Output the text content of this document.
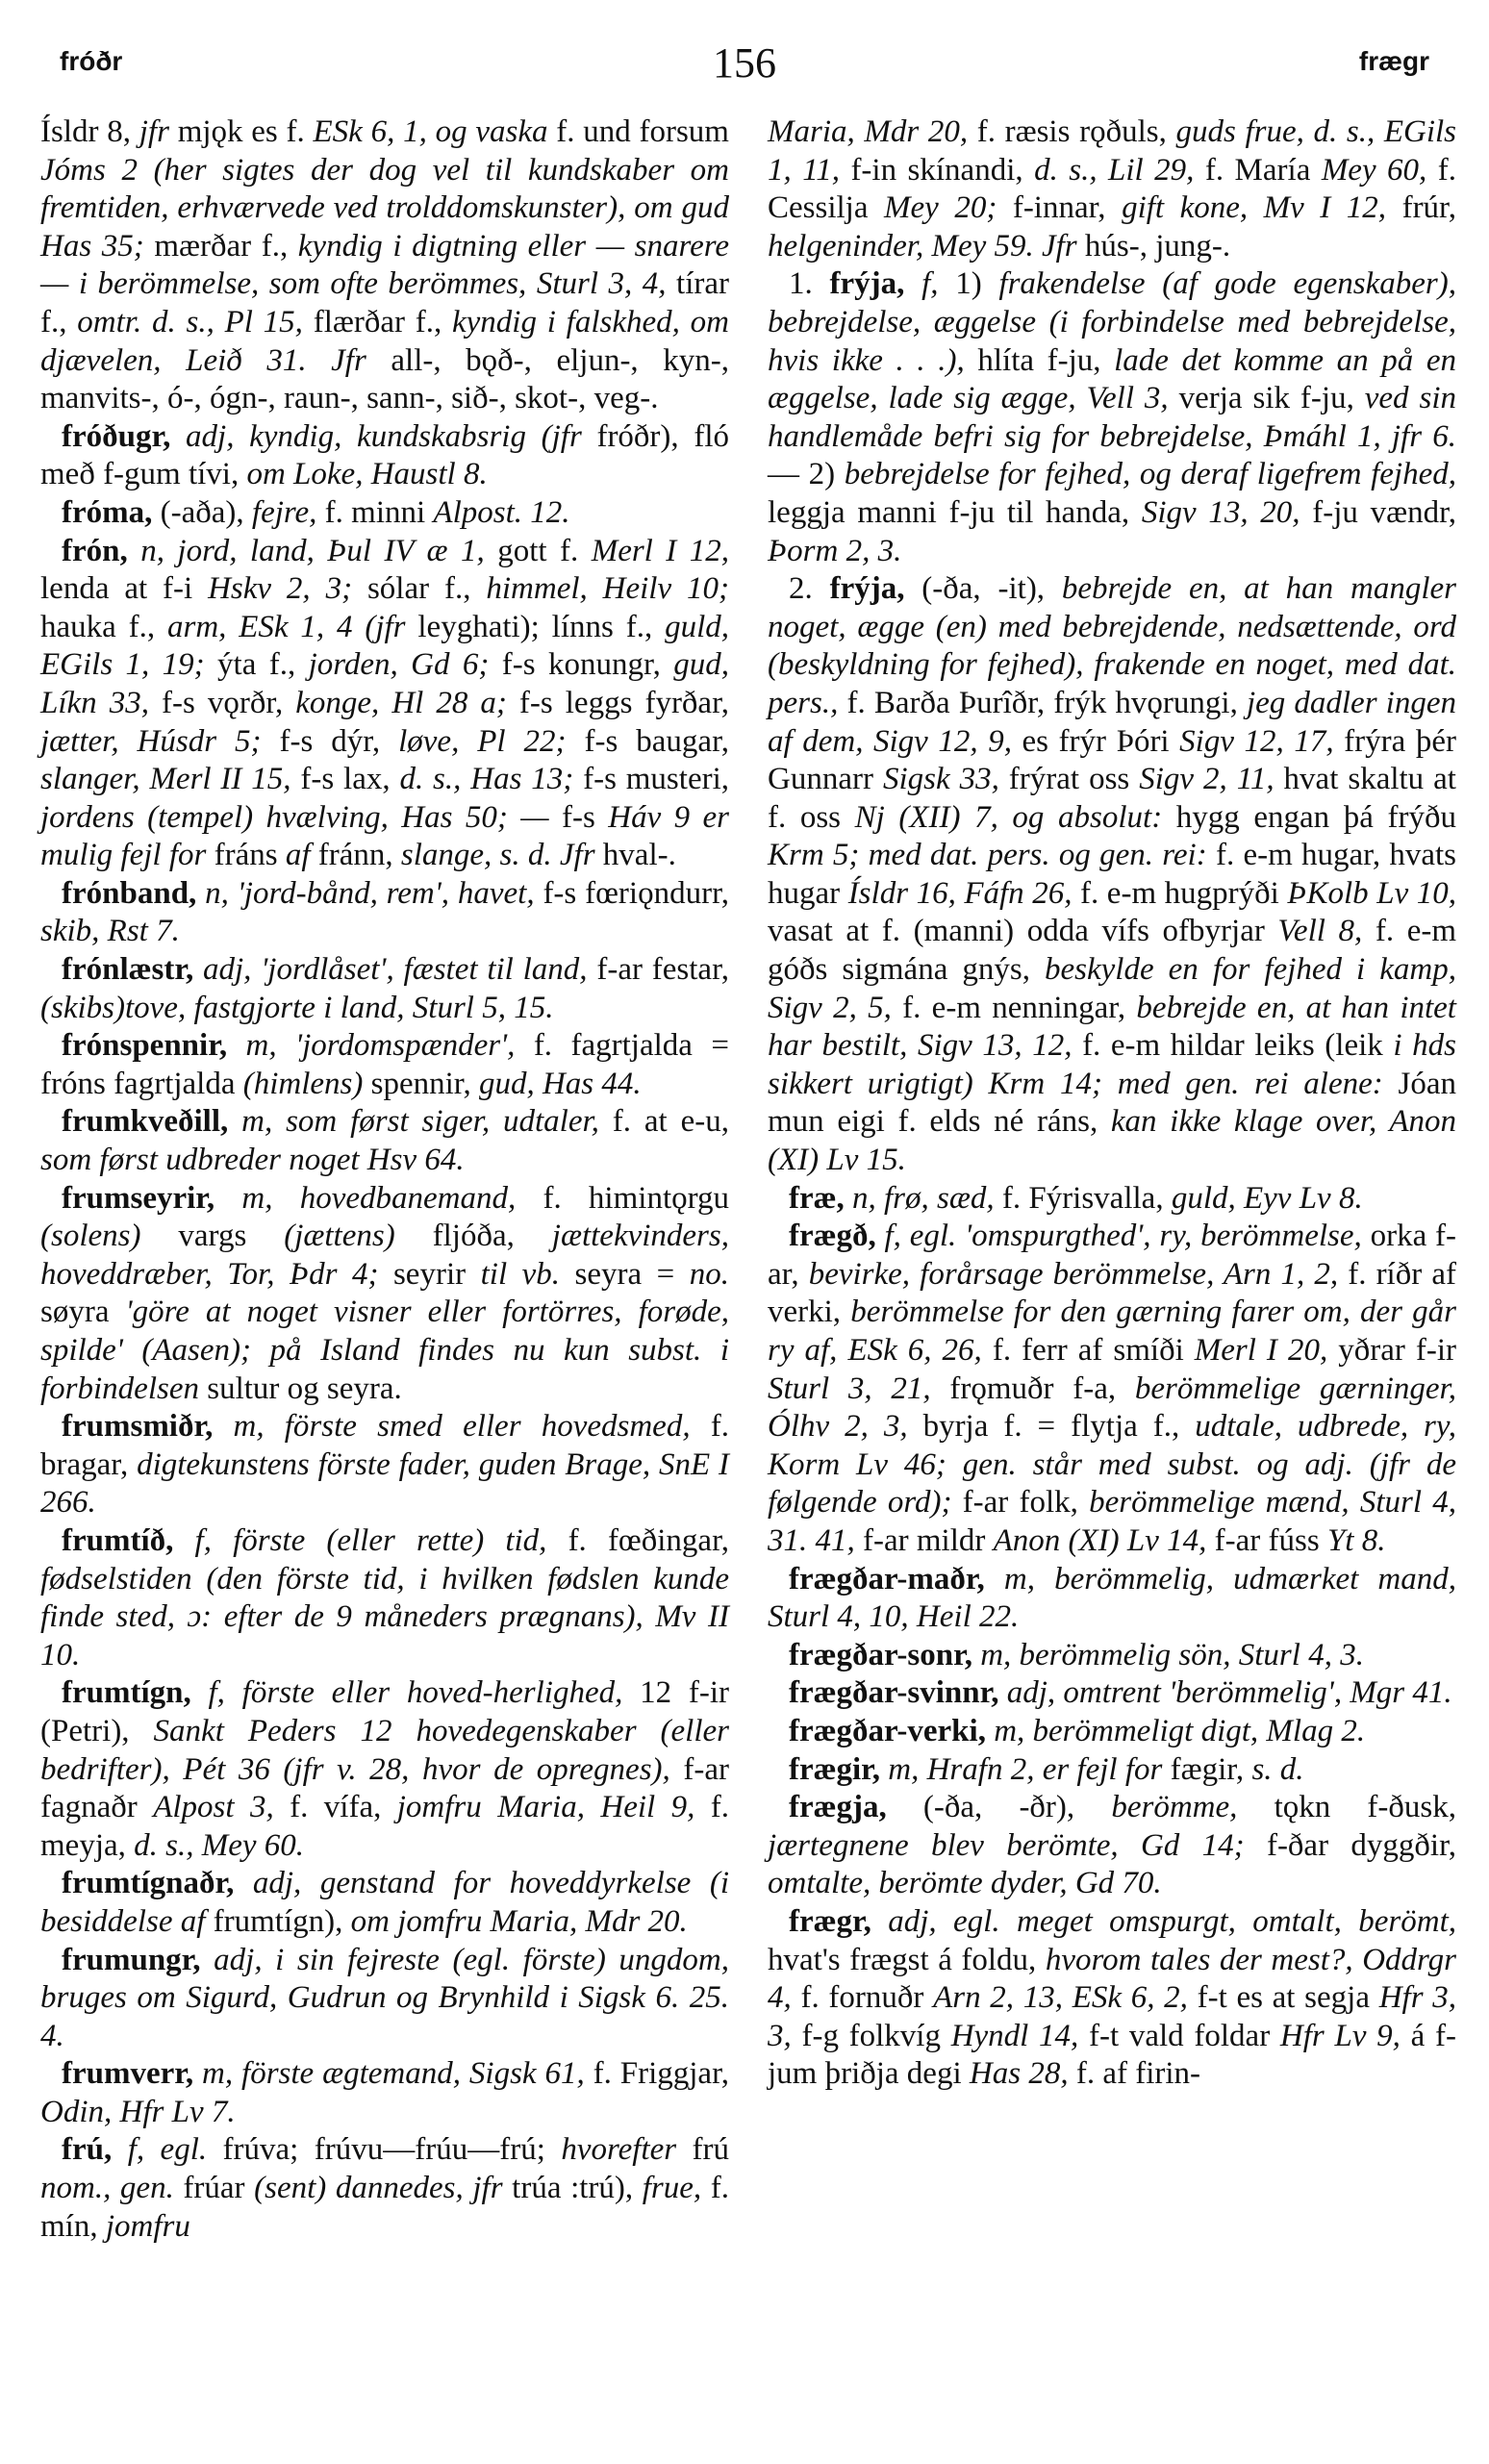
fróðr	156	frægr

Ísldr 8, jfr mjǫk es f. ESk 6, 1, og vaska f. und forsum Jóms 2 (her sigtes der dog vel til kundskaber om fremtiden, erhværvede ved trolddomskunster), om gud Has 35; mærðar f., kyndig i digtning eller — snarere — i berömmelse, som ofte berömmes, Sturl 3, 4, tírar f., omtr. d. s., Pl 15, flærðar f., kyndig i falskhed, om djævelen, Leið 31. Jfr all-, bǫð-, eljun-, kyn-, manvits-, ó-, ógn-, raun-, sann-, sið-, skot-, veg-.

fróðugr, adj, kyndig, kundskabsrig (jfr fróðr), fló með f-gum tívi, om Loke, Haustl 8.

fróma, (-aða), fejre, f. minni Alpost. 12.

frón, n, jord, land, Þul IV æ 1, gott f. Merl I 12, lenda at f-i Hskv 2, 3; sólar f., himmel, Heilv 10; hauka f., arm, ESk 1, 4 (jfr leyghati); línns f., guld, EGils 1, 19; ýta f., jorden, Gd 6; f-s konungr, gud, Líkn 33, f-s vǫrðr, konge, Hl 28 a; f-s leggs fyrðar, jætter, Húsdr 5; f-s dýr, løve, Pl 22; f-s baugar, slanger, Merl II 15, f-s lax, d. s., Has 13; f-s musteri, jordens (tempel) hvælving, Has 50; — f-s Háv 9 er mulig fejl for fráns af fránn, slange, s. d. Jfr hval-.

frónband, n, 'jord-bånd, rem', havet, f-s fœriǫndurr, skib, Rst 7.

frónlæstr, adj, 'jordlåset', fæstet til land, f-ar festar, (skibs)tove, fastgjorte i land, Sturl 5, 15.

frónspennir, m, 'jordomspænder', f. fagrtjalda = fróns fagrtjalda (himlens) spennir, gud, Has 44.

frumkveðill, m, som først siger, udtaler, f. at e-u, som først udbreder noget Hsv 64.

frumseyrir, m, hovedbanemand, f. himintǫrgu (solens) vargs (jættens) fljóða, jættekvinders, hoveddræber, Tor, Þdr 4; seyrir til vb. seyra = no. søyra 'göre at noget visner eller fortörres, forøde, spilde' (Aasen); på Island findes nu kun subst. i forbindelsen sultur og seyra.

frumsmiðr, m, förste smed eller hovedsmed, f. bragar, digtekunstens förste fader, guden Brage, SnE I 266.

frumtíð, f, förste (eller rette) tid, f. fœðingar, fødselstiden (den förste tid, i hvilken fødslen kunde finde sted, ɔ: efter de 9 måneders prægnans), Mv II 10.

frumtígn, f, förste eller hoved-herlighed, 12 f-ir (Petri), Sankt Peders 12 hovedegenskaber (eller bedrifter), Pét 36 (jfr v. 28, hvor de opregnes), f-ar fagnaðr Alpost 3, f. vífa, jomfru Maria, Heil 9, f. meyja, d. s., Mey 60.

frumtígnaðr, adj, genstand for hoveddyrkelse (i besiddelse af frumtígn), om jomfru Maria, Mdr 20.

frumungr, adj, i sin fejreste (egl. förste) ungdom, bruges om Sigurd, Gudrun og Brynhild i Sigsk 6. 25. 4.

frumverr, m, förste ægtemand, Sigsk 61, f. Friggjar, Odin, Hfr Lv 7.

frú, f, egl. frúva; frúvu—frúu—frú; hvorefter frú nom., gen. frúar (sent) dannedes, jfr trúa :trú), frue, f. mín, jomfru

Maria, Mdr 20, f. ræsis rǫðuls, guds frue, d. s., EGils 1, 11, f-in skínandi, d. s., Lil 29, f. María Mey 60, f. Cessilja Mey 20; f-innar, gift kone, Mv I 12, frúr, helgeninder, Mey 59. Jfr hús-, jung-.

1. frýja, f, 1) frakendelse (af gode egenskaber), bebrejdelse, æggelse (i forbindelse med bebrejdelse, hvis ikke . . .), hlíta f-ju, lade det komme an på en æggelse, lade sig ægge, Vell 3, verja sik f-ju, ved sin handlemåde befri sig for bebrejdelse, Þmáhl 1, jfr 6. — 2) bebrejdelse for fejhed, og deraf ligefrem fejhed, leggja manni f-ju til handa, Sigv 13, 20, f-ju vændr, Þorm 2, 3.

2. frýja, (-ða, -it), bebrejde en, at han mangler noget, ægge (en) med bebrejdende, nedsættende, ord (beskyldning for fejhed), frakende en noget, med dat. pers., f. Barða Þurîðr, frýk hvǫrungi, jeg dadler ingen af dem, Sigv 12, 9, es frýr Þóri Sigv 12, 17, frýra þér Gunnarr Sigsk 33, frýrat oss Sigv 2, 11, hvat skaltu at f. oss Nj (XII) 7, og absolut: hygg engan þá frýðu Krm 5; med dat. pers. og gen. rei: f. e-m hugar, hvats hugar Ísldr 16, Fáfn 26, f. e-m hugprýði ÞKolb Lv 10, vasat at f. (manni) odda vífs ofbyrjar Vell 8, f. e-m góðs sigmána gnýs, beskylde en for fejhed i kamp, Sigv 2, 5, f. e-m nenningar, bebrejde en, at han intet har bestilt, Sigv 13, 12, f. e-m hildar leiks (leik i hds sikkert urigtigt) Krm 14; med gen. rei alene: Jóan mun eigi f. elds né ráns, kan ikke klage over, Anon (XI) Lv 15.

fræ, n, frø, sæd, f. Fýrisvalla, guld, Eyv Lv 8.

frægð, f, egl. 'omspurgthed', ry, berömmelse, orka f-ar, bevirke, forårsage berömmelse, Arn 1, 2, f. ríðr af verki, berömmelse for den gærning farer om, der går ry af, ESk 6, 26, f. ferr af smíði Merl I 20, yðrar f-ir Sturl 3, 21, frǫmuðr f-a, berömmelige gærninger, Ólhv 2, 3, byrja f. = flytja f., udtale, udbrede, ry, Korm Lv 46; gen. står med subst. og adj. (jfr de følgende ord); f-ar folk, berömmelige mænd, Sturl 4, 31. 41, f-ar mildr Anon (XI) Lv 14, f-ar fúss Yt 8.

frægðar-maðr, m, berömmelig, udmærket mand, Sturl 4, 10, Heil 22.

frægðar-sonr, m, berömmelig sön, Sturl 4, 3.

frægðar-svinnr, adj, omtrent 'berömmelig', Mgr 41.

frægðar-verki, m, berömmeligt digt, Mlag 2.

frægir, m, Hrafn 2, er fejl for fægir, s. d.

frægja, (-ða, -ðr), berömme, tǫkn f-ðusk, jærtegnene blev berömte, Gd 14; f-ðar dyggðir, omtalte, berömte dyder, Gd 70.

frægr, adj, egl. meget omspurgt, omtalt, berömt, hvat's frægst á foldu, hvorom tales der mest?, Oddrgr 4, f. fornuðr Arn 2, 13, ESk 6, 2, f-t es at segja Hfr 3, 3, f-g folkvíg Hyndl 14, f-t vald foldar Hfr Lv 9, á f-jum þriðja degi Has 28, f. af firin-
